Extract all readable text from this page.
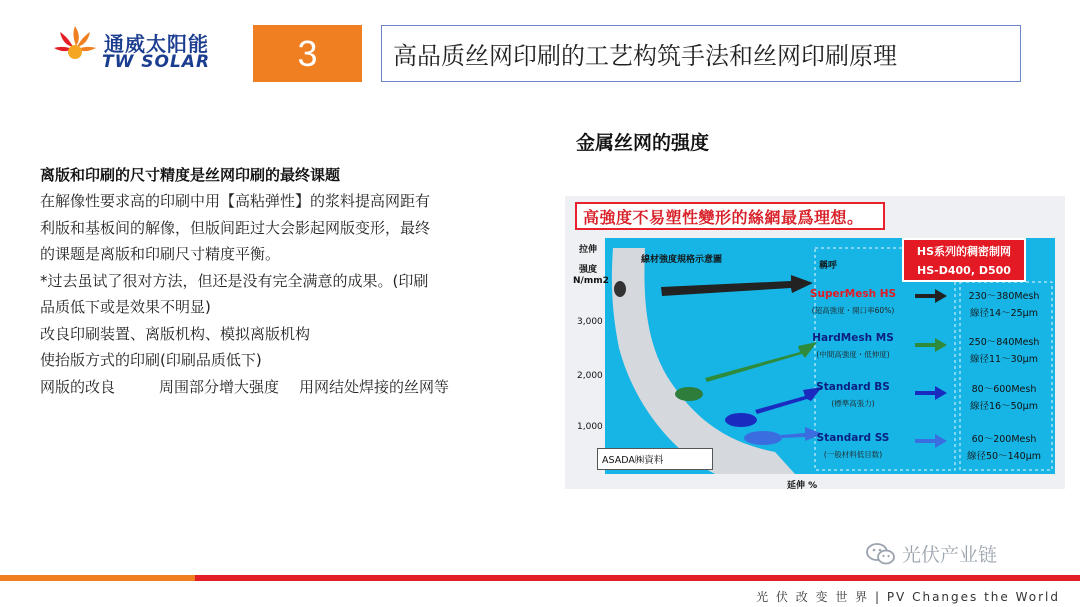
通威太阳能
TW SOLAR	3	高品质丝网印刷的工艺构筑手法和丝网印刷原理
离版和印刷的尺寸精度是丝网印刷的最终课题
在解像性要求高的印刷中用【高粘弹性】的浆料提高网距有
利版和基板间的解像，但版间距过大会影起网版变形，最终
的课题是离版和印刷尺寸精度平衡。
*过去虽试了很对方法，但还是没有完全满意的成果。(印刷
品质低下或是效果不明显)
改良印刷装置、离版机构、模拟离版机构
使抬版方式的印刷(印刷品质低下)
网版的改良	周围部分增大强度 用网结处焊接的丝网等
金属丝网的强度
高強度不易塑性變形的絲網最爲理想。
拉伸
强度
N/mm2
3,000
2,000
1,000
延伸 %
線材強度規格示意圖
稱呼
HS系列的稠密制网
HS-D400, D500
SuperMesh HS
(超高強度・開口率60%)
HardMesh MS
(中間高強度・低伸度)
Standard BS
(標準高張力)
Standard SS
(一般材料低目数)
230～380Mesh
線径14～25μm
250～840Mesh
線径11～30μm
80～600Mesh
線径16～50μm
60～200Mesh
線径50～140μm
ASADA㈱資料
光伏产业链
光 伏 改 变 世 界 | PV Changes the World
